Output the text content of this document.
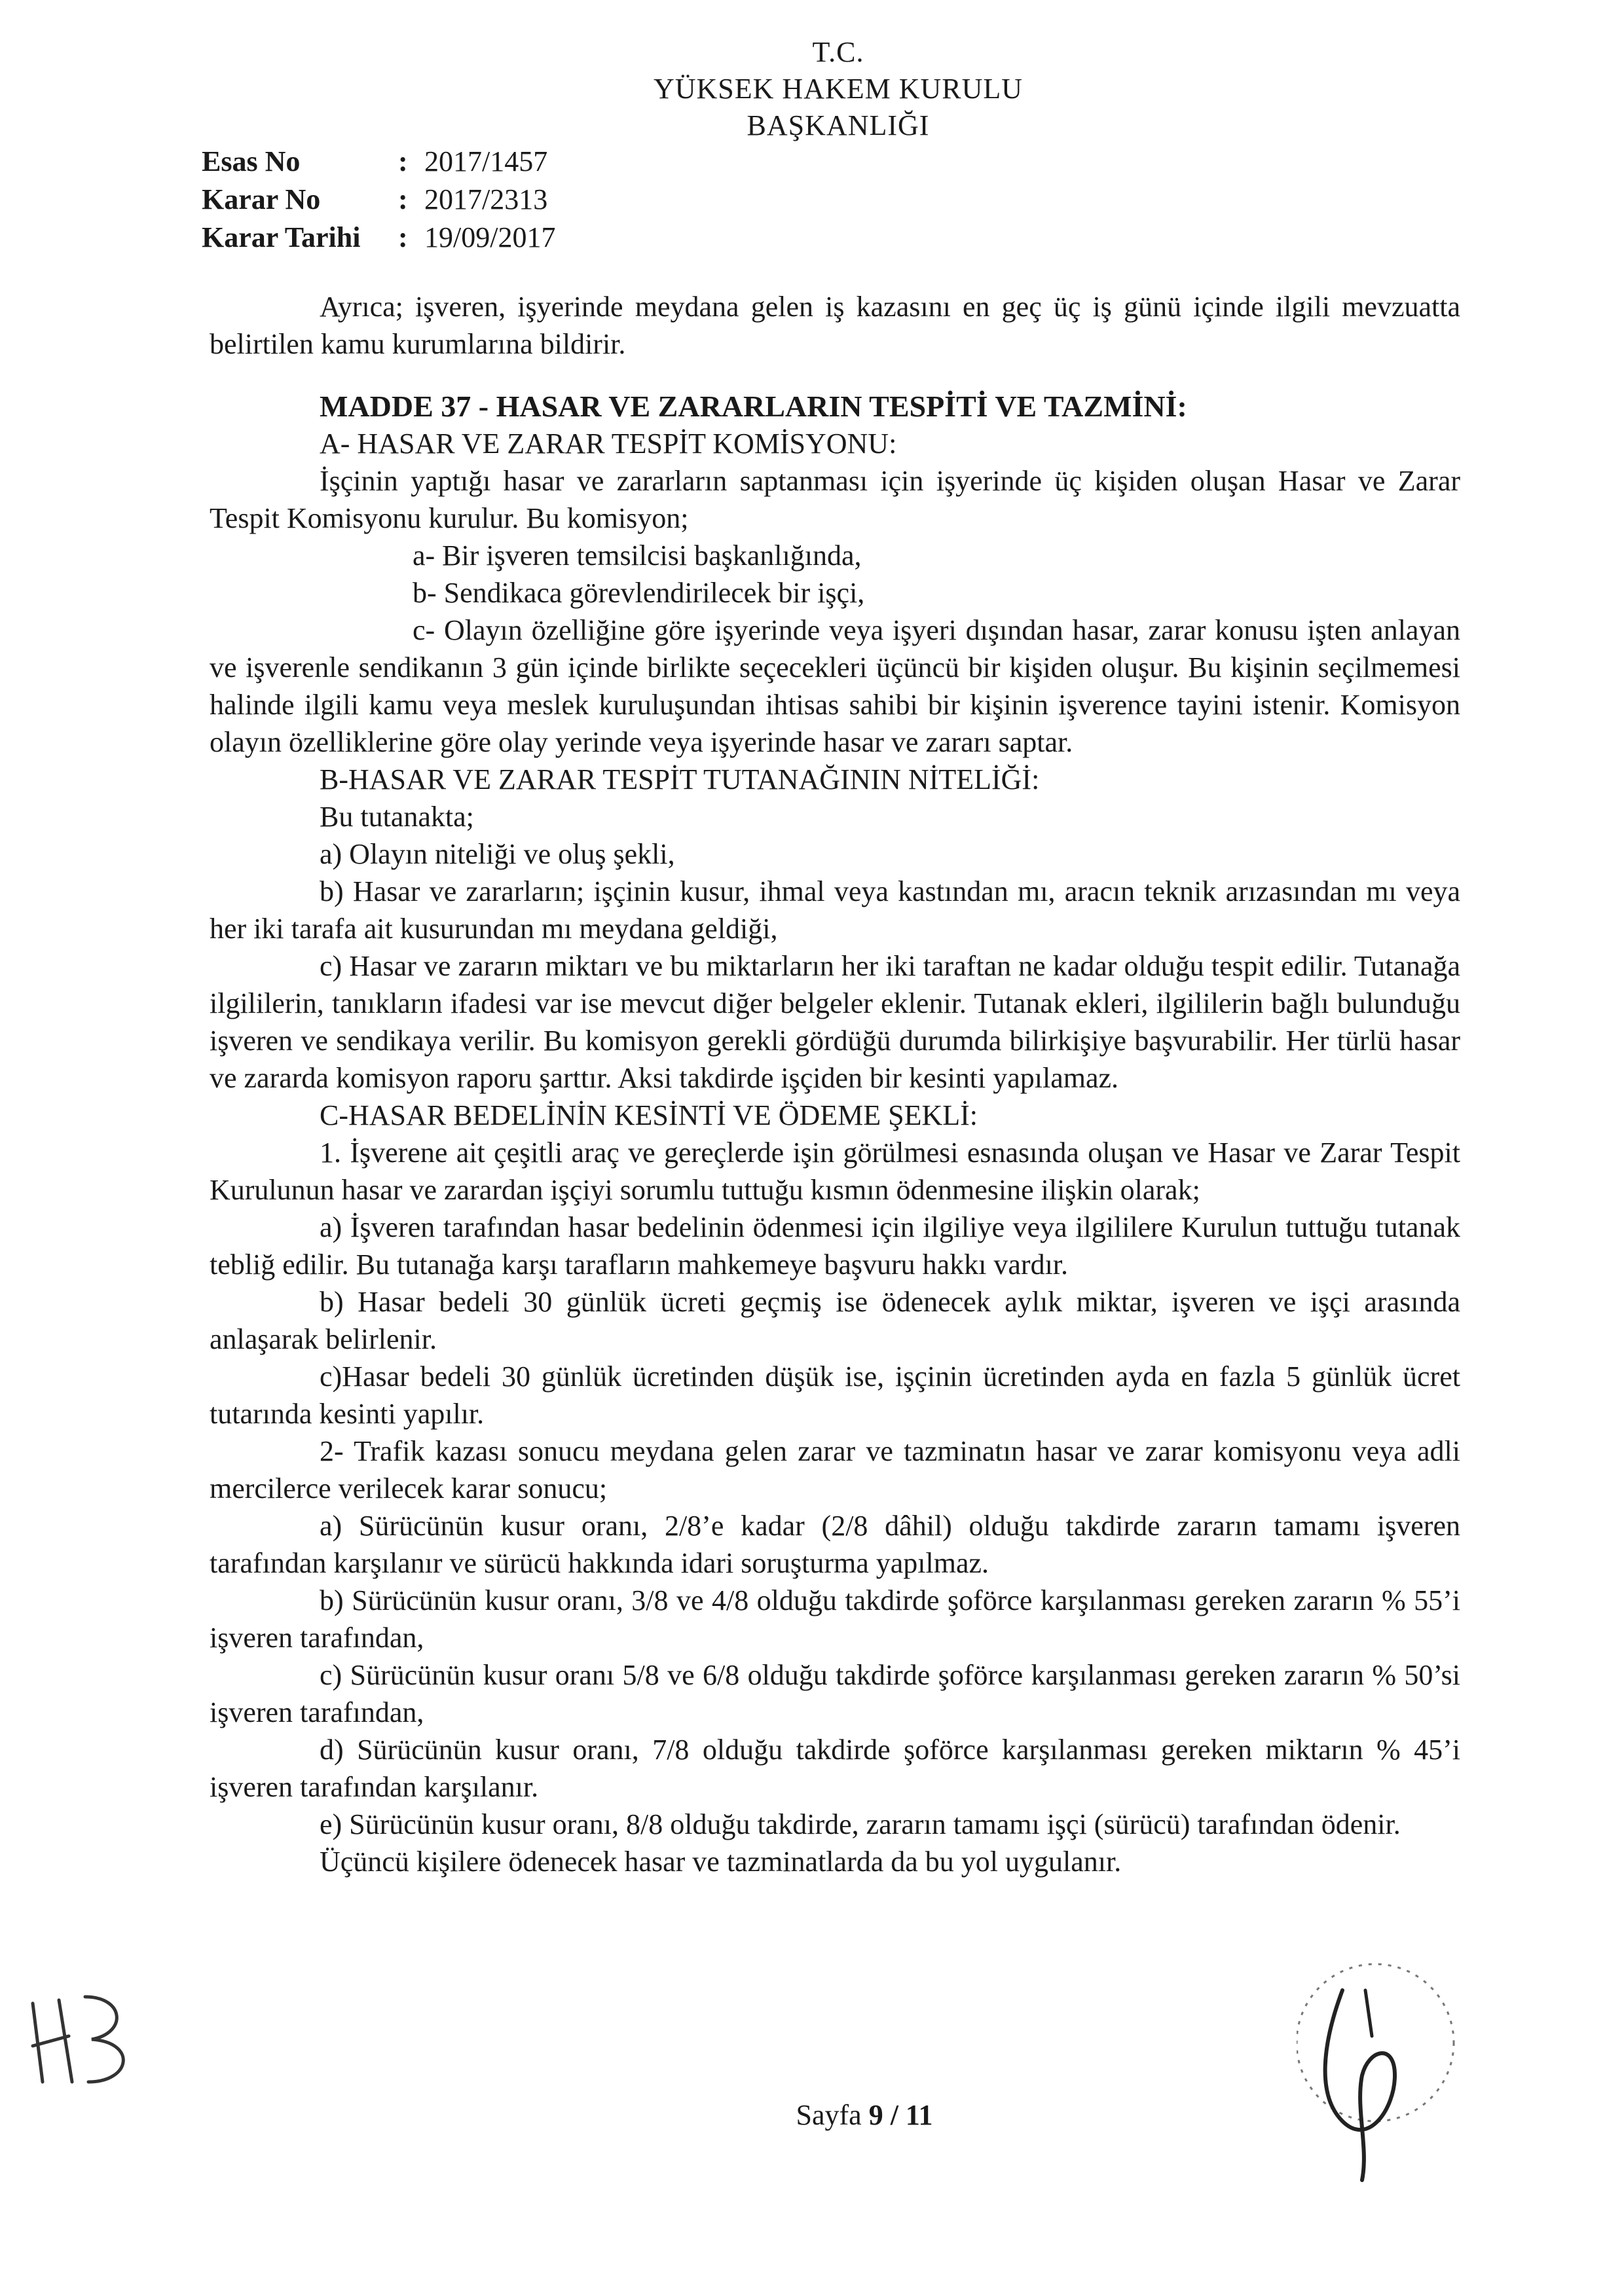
T.C.
YÜKSEK HAKEM KURULU
BAŞKANLIĞI
Esas No	: 2017/1457
Karar No	: 2017/2313
Karar Tarihi	: 19/09/2017

Ayrıca; işveren, işyerinde meydana gelen iş kazasını en geç üç iş günü içinde ilgili mevzuatta belirtilen kamu kurumlarına bildirir.

MADDE 37 - HASAR VE ZARARLARIN TESPİTİ VE TAZMİNİ:

A- HASAR VE ZARAR TESPİT KOMİSYONU:

İşçinin yaptığı hasar ve zararların saptanması için işyerinde üç kişiden oluşan Hasar ve Zarar Tespit Komisyonu kurulur. Bu komisyon;

a- Bir işveren temsilcisi başkanlığında,

b- Sendikaca görevlendirilecek bir işçi,

c- Olayın özelliğine göre işyerinde veya işyeri dışından hasar, zarar konusu işten anlayan ve işverenle sendikanın 3 gün içinde birlikte seçecekleri üçüncü bir kişiden oluşur. Bu kişinin seçilmemesi halinde ilgili kamu veya meslek kuruluşundan ihtisas sahibi bir kişinin işverence tayini istenir. Komisyon olayın özelliklerine göre olay yerinde veya işyerinde hasar ve zararı saptar.

B-HASAR VE ZARAR TESPİT TUTANAĞININ NİTELİĞİ:

Bu tutanakta;

a) Olayın niteliği ve oluş şekli,

b) Hasar ve zararların; işçinin kusur, ihmal veya kastından mı, aracın teknik arızasından mı veya her iki tarafa ait kusurundan mı meydana geldiği,

c) Hasar ve zararın miktarı ve bu miktarların her iki taraftan ne kadar olduğu tespit edilir. Tutanağa ilgililerin, tanıkların ifadesi var ise mevcut diğer belgeler eklenir. Tutanak ekleri, ilgililerin bağlı bulunduğu işveren ve sendikaya verilir. Bu komisyon gerekli gördüğü durumda bilirkişiye başvurabilir. Her türlü hasar ve zararda komisyon raporu şarttır. Aksi takdirde işçiden bir kesinti yapılamaz.

C-HASAR BEDELİNİN KESİNTİ VE ÖDEME ŞEKLİ:

1. İşverene ait çeşitli araç ve gereçlerde işin görülmesi esnasında oluşan ve Hasar ve Zarar Tespit Kurulunun hasar ve zarardan işçiyi sorumlu tuttuğu kısmın ödenmesine ilişkin olarak;

a) İşveren tarafından hasar bedelinin ödenmesi için ilgiliye veya ilgililere Kurulun tuttuğu tutanak tebliğ edilir. Bu tutanağa karşı tarafların mahkemeye başvuru hakkı vardır.

b) Hasar bedeli 30 günlük ücreti geçmiş ise ödenecek aylık miktar, işveren ve işçi arasında anlaşarak belirlenir.

c)Hasar bedeli 30 günlük ücretinden düşük ise, işçinin ücretinden ayda en fazla 5 günlük ücret tutarında kesinti yapılır.

2- Trafik kazası sonucu meydana gelen zarar ve tazminatın hasar ve zarar komisyonu veya adli mercilerce verilecek karar sonucu;

a) Sürücünün kusur oranı, 2/8’e kadar (2/8 dâhil) olduğu takdirde zararın tamamı işveren tarafından karşılanır ve sürücü hakkında idari soruşturma yapılmaz.

b) Sürücünün kusur oranı, 3/8 ve 4/8 olduğu takdirde şoförce karşılanması gereken zararın % 55’i işveren tarafından,

c) Sürücünün kusur oranı 5/8 ve 6/8 olduğu takdirde şoförce karşılanması gereken zararın % 50’si işveren tarafından,

d) Sürücünün kusur oranı, 7/8 olduğu takdirde şoförce karşılanması gereken miktarın % 45’i işveren tarafından karşılanır.

e) Sürücünün kusur oranı, 8/8 olduğu takdirde, zararın tamamı işçi (sürücü) tarafından ödenir.

Üçüncü kişilere ödenecek hasar ve tazminatlarda da bu yol uygulanır.

Sayfa 9 / 11
